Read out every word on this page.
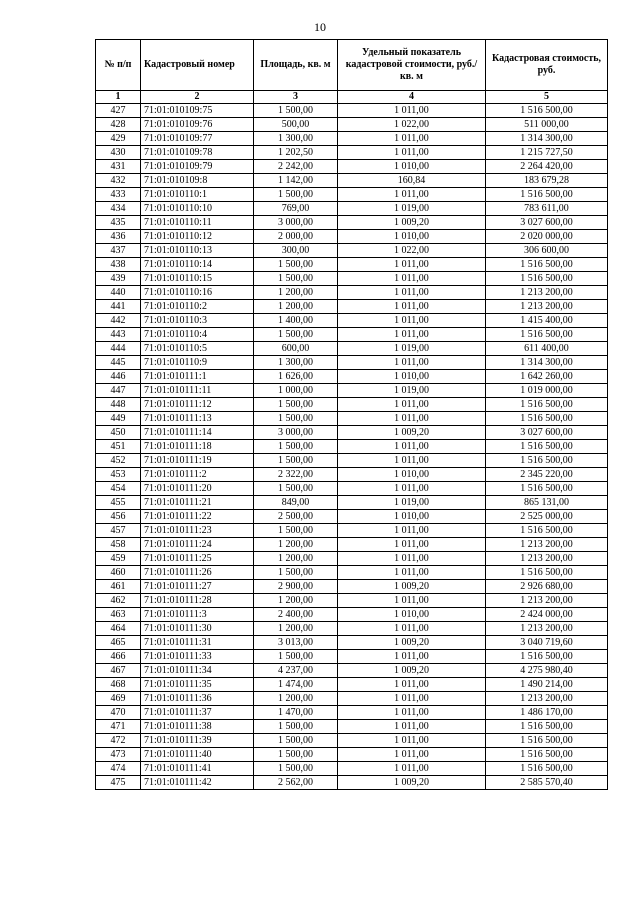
10
№ п/п	Кадастровый номер	Площадь, кв. м	Удельный показатель кадастровой стоимости, руб./кв. м	Кадастровая стоимость, руб.
1	2	3	4	5
427	71:01:010109:75	1 500,00	1 011,00	1 516 500,00
428	71:01:010109:76	500,00	1 022,00	511 000,00
429	71:01:010109:77	1 300,00	1 011,00	1 314 300,00
430	71:01:010109:78	1 202,50	1 011,00	1 215 727,50
431	71:01:010109:79	2 242,00	1 010,00	2 264 420,00
432	71:01:010109:8	1 142,00	160,84	183 679,28
433	71:01:010110:1	1 500,00	1 011,00	1 516 500,00
434	71:01:010110:10	769,00	1 019,00	783 611,00
435	71:01:010110:11	3 000,00	1 009,20	3 027 600,00
436	71:01:010110:12	2 000,00	1 010,00	2 020 000,00
437	71:01:010110:13	300,00	1 022,00	306 600,00
438	71:01:010110:14	1 500,00	1 011,00	1 516 500,00
439	71:01:010110:15	1 500,00	1 011,00	1 516 500,00
440	71:01:010110:16	1 200,00	1 011,00	1 213 200,00
441	71:01:010110:2	1 200,00	1 011,00	1 213 200,00
442	71:01:010110:3	1 400,00	1 011,00	1 415 400,00
443	71:01:010110:4	1 500,00	1 011,00	1 516 500,00
444	71:01:010110:5	600,00	1 019,00	611 400,00
445	71:01:010110:9	1 300,00	1 011,00	1 314 300,00
446	71:01:010111:1	1 626,00	1 010,00	1 642 260,00
447	71:01:010111:11	1 000,00	1 019,00	1 019 000,00
448	71:01:010111:12	1 500,00	1 011,00	1 516 500,00
449	71:01:010111:13	1 500,00	1 011,00	1 516 500,00
450	71:01:010111:14	3 000,00	1 009,20	3 027 600,00
451	71:01:010111:18	1 500,00	1 011,00	1 516 500,00
452	71:01:010111:19	1 500,00	1 011,00	1 516 500,00
453	71:01:010111:2	2 322,00	1 010,00	2 345 220,00
454	71:01:010111:20	1 500,00	1 011,00	1 516 500,00
455	71:01:010111:21	849,00	1 019,00	865 131,00
456	71:01:010111:22	2 500,00	1 010,00	2 525 000,00
457	71:01:010111:23	1 500,00	1 011,00	1 516 500,00
458	71:01:010111:24	1 200,00	1 011,00	1 213 200,00
459	71:01:010111:25	1 200,00	1 011,00	1 213 200,00
460	71:01:010111:26	1 500,00	1 011,00	1 516 500,00
461	71:01:010111:27	2 900,00	1 009,20	2 926 680,00
462	71:01:010111:28	1 200,00	1 011,00	1 213 200,00
463	71:01:010111:3	2 400,00	1 010,00	2 424 000,00
464	71:01:010111:30	1 200,00	1 011,00	1 213 200,00
465	71:01:010111:31	3 013,00	1 009,20	3 040 719,60
466	71:01:010111:33	1 500,00	1 011,00	1 516 500,00
467	71:01:010111:34	4 237,00	1 009,20	4 275 980,40
468	71:01:010111:35	1 474,00	1 011,00	1 490 214,00
469	71:01:010111:36	1 200,00	1 011,00	1 213 200,00
470	71:01:010111:37	1 470,00	1 011,00	1 486 170,00
471	71:01:010111:38	1 500,00	1 011,00	1 516 500,00
472	71:01:010111:39	1 500,00	1 011,00	1 516 500,00
473	71:01:010111:40	1 500,00	1 011,00	1 516 500,00
474	71:01:010111:41	1 500,00	1 011,00	1 516 500,00
475	71:01:010111:42	2 562,00	1 009,20	2 585 570,40
